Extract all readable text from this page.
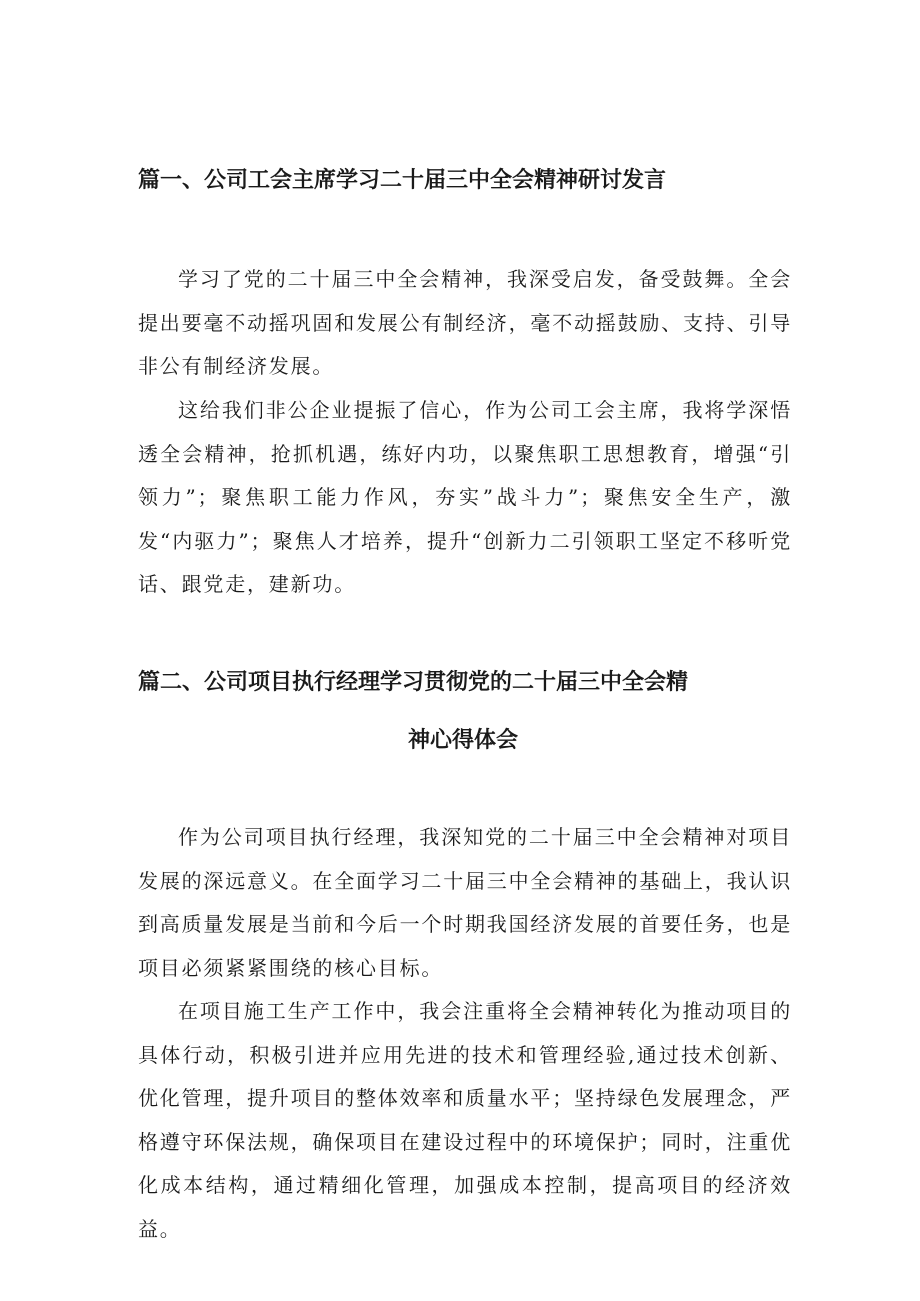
篇一、公司工会主席学习二十届三中全会精神研讨发言

学习了党的二十届三中全会精神，我深受启发，备受鼓舞。全会提出要毫不动摇巩固和发展公有制经济，毫不动摇鼓励、支持、引导非公有制经济发展。

这给我们非公企业提振了信心，作为公司工会主席，我将学深悟透全会精神，抢抓机遇，练好内功，以聚焦职工思想教育，增强“引领力”；聚焦职工能力作风，夯实”战斗力”；聚焦安全生产，激发“内驱力”；聚焦人才培养，提升“创新力二引领职工坚定不移听党话、跟党走，建新功。

篇二、公司项目执行经理学习贯彻党的二十届三中全会精
神心得体会

作为公司项目执行经理，我深知党的二十届三中全会精神对项目发展的深远意义。在全面学习二十届三中全会精神的基础上，我认识到高质量发展是当前和今后一个时期我国经济发展的首要任务，也是项目必须紧紧围绕的核心目标。

在项目施工生产工作中，我会注重将全会精神转化为推动项目的具体行动，积极引进并应用先进的技术和管理经验,通过技术创新、优化管理，提升项目的整体效率和质量水平；坚持绿色发展理念，严格遵守环保法规，确保项目在建设过程中的环境保护；同时，注重优化成本结构，通过精细化管理，加强成本控制，提高项目的经济效益。
